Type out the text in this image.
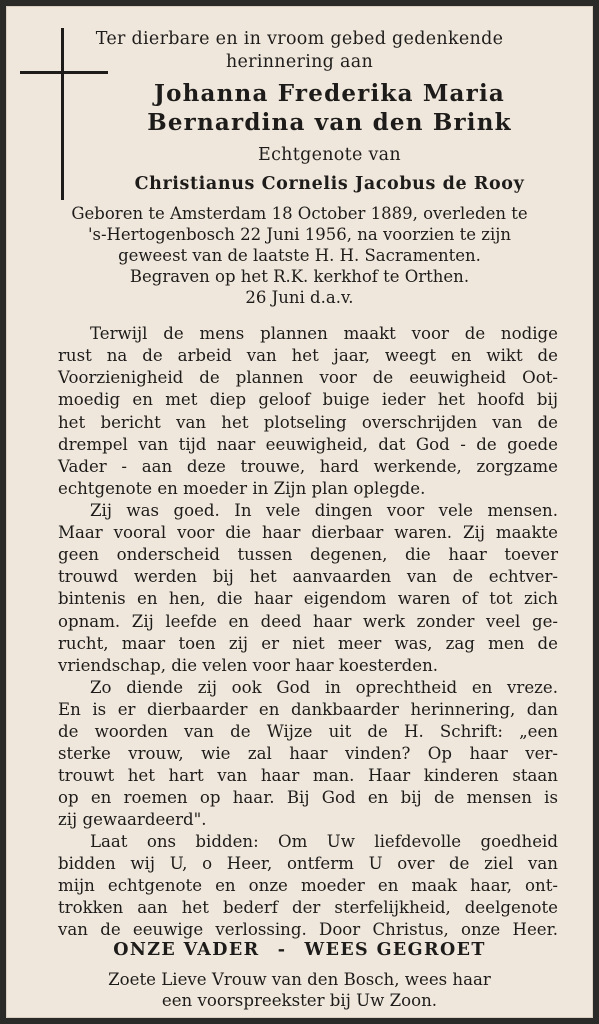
Ter dierbare en in vroom gebed gedenkende
herinnering aan
Johanna Frederika Maria
Bernardina van den Brink
Echtgenote van
Christianus Cornelis Jacobus de Rooy
Geboren te Amsterdam 18 October 1889, overleden te
's-Hertogenbosch 22 Juni 1956, na voorzien te zijn
geweest van de laatste H. H. Sacramenten.
Begraven op het R.K. kerkhof te Orthen.
26 Juni d.a.v.

Terwijl de mens plannen maakt voor de nodige

rust na de arbeid van het jaar, weegt en wikt de

Voorzienigheid de plannen voor de eeuwigheid Oot-

moedig en met diep geloof buige ieder het hoofd bij

het bericht van het plotseling overschrijden van de

drempel van tijd naar eeuwigheid, dat God - de goede

Vader - aan deze trouwe, hard werkende, zorgzame

echtgenote en moeder in Zijn plan oplegde.

Zij was goed. In vele dingen voor vele mensen.

Maar vooral voor die haar dierbaar waren. Zij maakte

geen onderscheid tussen degenen, die haar toever

trouwd werden bij het aanvaarden van de echtver-

bintenis en hen, die haar eigendom waren of tot zich

opnam. Zij leefde en deed haar werk zonder veel ge-

rucht, maar toen zij er niet meer was, zag men de

vriendschap, die velen voor haar koesterden.

Zo diende zij ook God in oprechtheid en vreze.

En is er dierbaarder en dankbaarder herinnering, dan

de woorden van de Wijze uit de H. Schrift: „een

sterke vrouw, wie zal haar vinden? Op haar ver-

trouwt het hart van haar man. Haar kinderen staan

op en roemen op haar. Bij God en bij de mensen is

zij gewaardeerd".

Laat ons bidden: Om Uw liefdevolle goedheid

bidden wij U, o Heer, ontferm U over de ziel van

mijn echtgenote en onze moeder en maak haar, ont-

trokken aan het bederf der sterfelijkheid, deelgenote

van de eeuwige verlossing. Door Christus, onze Heer.

ONZE VADER - WEES GEGROET
Zoete Lieve Vrouw van den Bosch, wees haar
een voorspreekster bij Uw Zoon.
